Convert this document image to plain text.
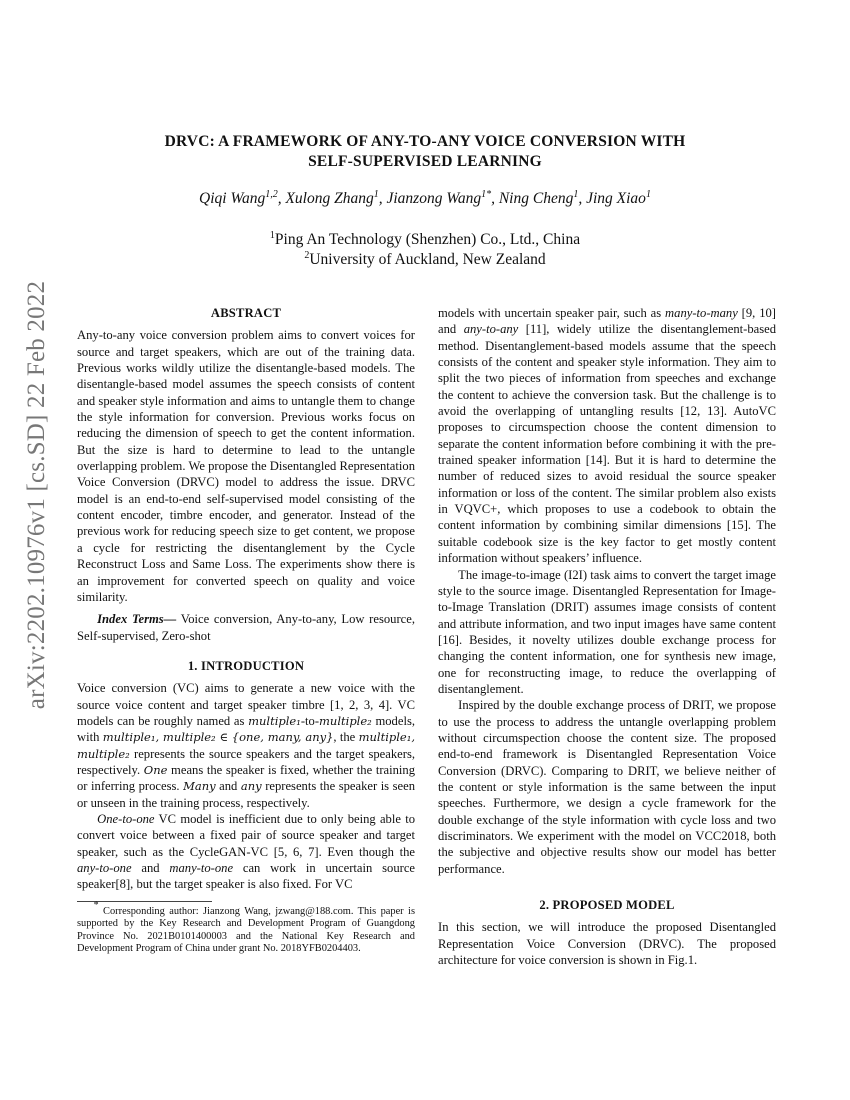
arXiv:2202.10976v1 [cs.SD] 22 Feb 2022
DRVC: A FRAMEWORK OF ANY-TO-ANY VOICE CONVERSION WITH
SELF-SUPERVISED LEARNING
Qiqi Wang$^{1,2}$, Xulong Zhang$^1$, Jianzong Wang$^{1*}$, Ning Cheng$^1$, Jing Xiao$^1$
$^1$Ping An Technology (Shenzhen) Co., Ltd., China
$^2$University of Auckland, New Zealand
ABSTRACT

Any-to-any voice conversion problem aims to convert voices for source and target speakers, which are out of the training data. Previous works wildly utilize the disentangle-based models. The disentangle-based model assumes the speech consists of content and speaker style information and aims to untangle them to change the style information for conversion. Previous works focus on reducing the dimension of speech to get the content information. But the size is hard to determine to lead to the untangle overlapping problem. We propose the Disentangled Representation Voice Conversion (DRVC) model to address the issue. DRVC model is an end-to-end self-supervised model consisting of the content encoder, timbre encoder, and generator. Instead of the previous work for reducing speech size to get content, we propose a cycle for restricting the disentanglement by the Cycle Reconstruct Loss and Same Loss. The experiments show there is an improvement for converted speech on quality and voice similarity.

Index Terms— Voice conversion, Any-to-any, Low resource, Self-supervised, Zero-shot

1. INTRODUCTION

Voice conversion (VC) aims to generate a new voice with the source voice content and target speaker timbre [1, 2, 3, 4]. VC models can be roughly named as multiple₁-to-multiple₂ models, with multiple₁, multiple₂ ∈ {one, many, any}, the multiple₁, multiple₂ represents the source speakers and the target speakers, respectively. One means the speaker is fixed, whether the training or inferring process. Many and any represents the speaker is seen or unseen in the training process, respectively.

One-to-one VC model is inefficient due to only being able to convert voice between a fixed pair of source speaker and target speaker, such as the CycleGAN-VC [5, 6, 7]. Even though the any-to-one and many-to-one can work in uncertain source speaker[8], but the target speaker is also fixed. For VC

* Corresponding author: Jianzong Wang, jzwang@188.com. This paper is supported by the Key Research and Development Program of Guangdong Province No. 2021B0101400003 and the National Key Research and Development Program of China under grant No. 2018YFB0204403.

models with uncertain speaker pair, such as many-to-many [9, 10] and any-to-any [11], widely utilize the disentanglement-based method. Disentanglement-based models assume that the speech consists of the content and speaker style information. They aim to split the two pieces of information from speeches and exchange the content to achieve the conversion task. But the challenge is to avoid the overlapping of untangling results [12, 13]. AutoVC proposes to circumspection choose the content dimension to separate the content information before combining it with the pre-trained speaker information [14]. But it is hard to determine the number of reduced sizes to avoid residual the source speaker information or loss of the content. The similar problem also exists in VQVC+, which proposes to use a codebook to obtain the content information by combining similar dimensions [15]. The suitable codebook size is the key factor to get mostly content information without speakers’ influence.

The image-to-image (I2I) task aims to convert the target image style to the source image. Disentangled Representation for Image-to-Image Translation (DRIT) assumes image consists of content and attribute information, and two input images have same content [16]. Besides, it novelty utilizes double exchange process for changing the content information, one for synthesis new image, one for reconstructing image, to reduce the overlapping of disentanglement.

Inspired by the double exchange process of DRIT, we propose to use the process to address the untangle overlapping problem without circumspection choose the content size. The proposed end-to-end framework is Disentangled Representation Voice Conversion (DRVC). Comparing to DRIT, we believe neither of the content or style information is the same between the input speeches. Furthermore, we design a cycle framework for the double exchange of the style information with cycle loss and two discriminators. We experiment with the model on VCC2018, both the subjective and objective results show our model has better performance.

2. PROPOSED MODEL

In this section, we will introduce the proposed Disentangled Representation Voice Conversion (DRVC). The proposed architecture for voice conversion is shown in Fig.1.
